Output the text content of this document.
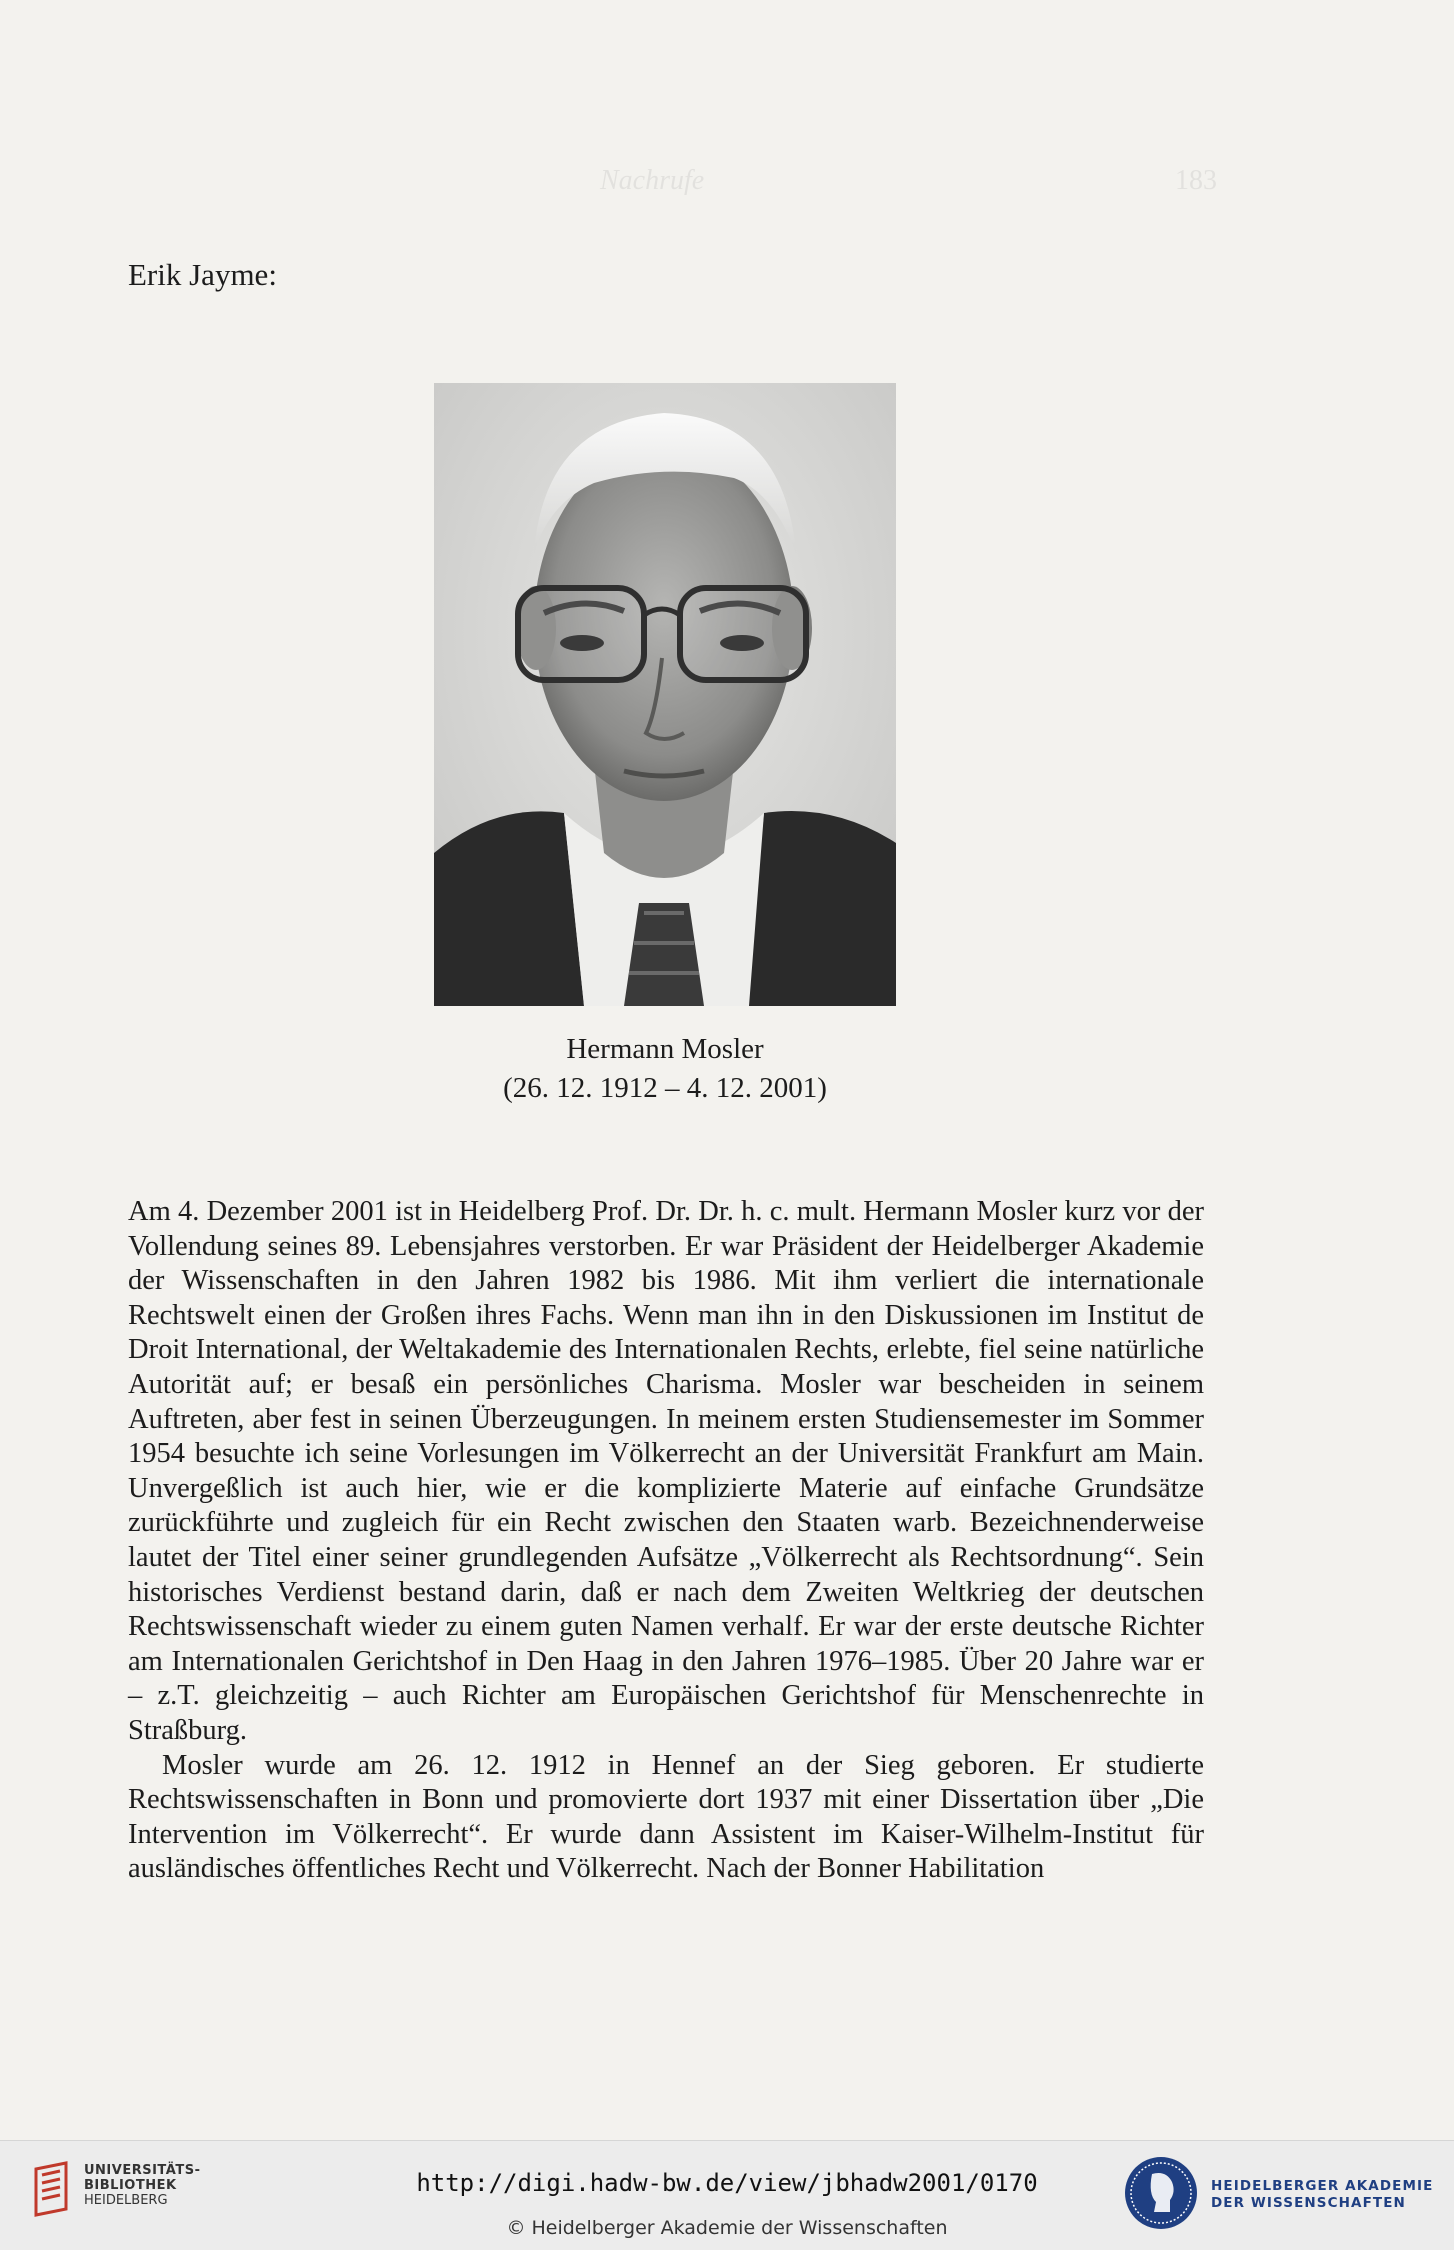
Nachrufe	183
Erik Jayme:
Hermann Mosler
(26. 12. 1912 – 4. 12. 2001)

Am 4. Dezember 2001 ist in Heidelberg Prof. Dr. Dr. h. c. mult. Hermann Mosler kurz vor der Vollendung seines 89. Lebensjahres verstorben. Er war Präsident der Heidelberger Akademie der Wissenschaften in den Jahren 1982 bis 1986. Mit ihm verliert die internationale Rechtswelt einen der Großen ihres Fachs. Wenn man ihn in den Diskussionen im Institut de Droit International, der Weltakademie des Internationalen Rechts, erlebte, fiel seine natürliche Autorität auf; er besaß ein persönliches Charisma. Mosler war bescheiden in seinem Auftreten, aber fest in seinen Überzeugungen. In meinem ersten Studiensemester im Sommer 1954 besuchte ich seine Vorlesungen im Völkerrecht an der Universität Frankfurt am Main. Unvergeßlich ist auch hier, wie er die komplizierte Materie auf einfache Grundsätze zurückführte und zugleich für ein Recht zwischen den Staaten warb. Bezeichnenderweise lautet der Titel einer seiner grundlegenden Aufsätze „Völkerrecht als Rechtsordnung“. Sein historisches Verdienst bestand darin, daß er nach dem Zweiten Weltkrieg der deutschen Rechtswissenschaft wieder zu einem guten Namen verhalf. Er war der erste deutsche Richter am Internationalen Gerichtshof in Den Haag in den Jahren 1976–1985. Über 20 Jahre war er – z.T. gleichzeitig – auch Richter am Europäischen Gerichtshof für Menschenrechte in Straßburg.

Mosler wurde am 26. 12. 1912 in Hennef an der Sieg geboren. Er studierte Rechtswissenschaften in Bonn und promovierte dort 1937 mit einer Dissertation über „Die Intervention im Völkerrecht“. Er wurde dann Assistent im Kaiser-Wilhelm-Institut für ausländisches öffentliches Recht und Völkerrecht. Nach der Bonner Habilitation

UNIVERSITÄTS-
BIBLIOTHEK
HEIDELBERG
http://digi.hadw-bw.de/view/jbhadw2001/0170
© Heidelberger Akademie der Wissenschaften
HEIDELBERGER AKADEMIE
DER WISSENSCHAFTEN
